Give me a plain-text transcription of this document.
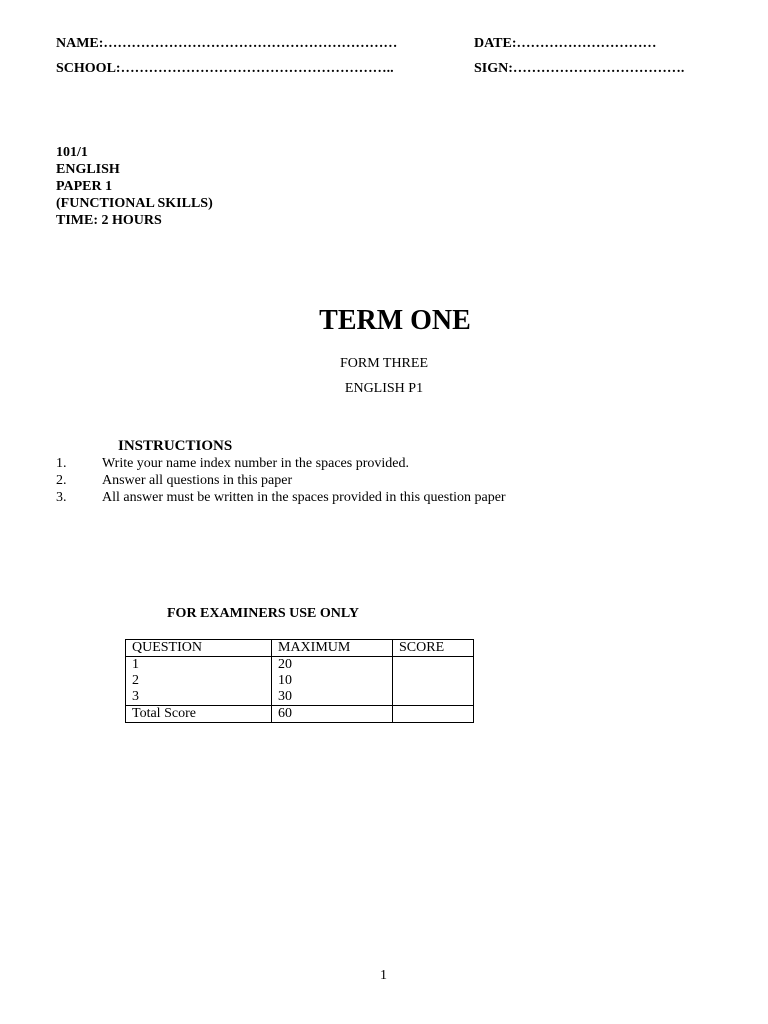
NAME:………………………………………………………	DATE:…………………………
SCHOOL:…………………………………………………..	SIGN:……………………………….
101/1
ENGLISH
PAPER 1
(FUNCTIONAL SKILLS)
TIME: 2 HOURS
TERM ONE
FORM THREE
ENGLISH P1
INSTRUCTIONS
1.	Write your name index number in the spaces provided.
2.	Answer all questions in this paper
3.	All answer must be written in the spaces provided in this question paper
FOR EXAMINERS USE ONLY
QUESTION	MAXIMUM	SCORE
1	20	
2	10	
3	30	
Total Score	60	
1
